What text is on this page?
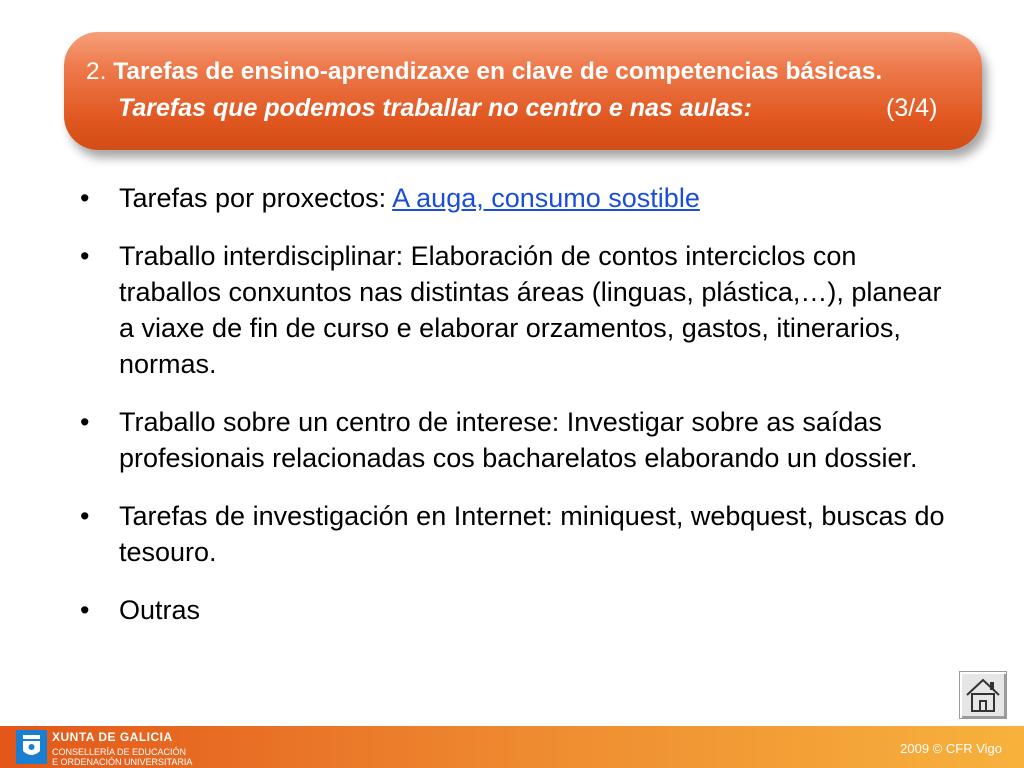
2. Tarefas de ensino-aprendizaxe en clave de competencias básicas.
Tarefas que podemos traballar no centro e nas aulas:	(3/4)
• Tarefas por proxectos: A auga, consumo sostible
• Traballo interdisciplinar: Elaboración de contos interciclos con traballos conxuntos nas distintas áreas (linguas, plástica,…), planear a viaxe de fin de curso e elaborar orzamentos, gastos, itinerarios, normas.
• Traballo sobre un centro de interese: Investigar sobre as saídas profesionais relacionadas cos bacharelatos elaborando un dossier.
• Tarefas de investigación en Internet: miniquest, webquest, buscas do tesouro.
• Outras
XUNTA DE GALICIA
CONSELLERÍA DE EDUCACIÓN
E ORDENACIÓN UNIVERSITARIA
2009 © CFR Vigo
